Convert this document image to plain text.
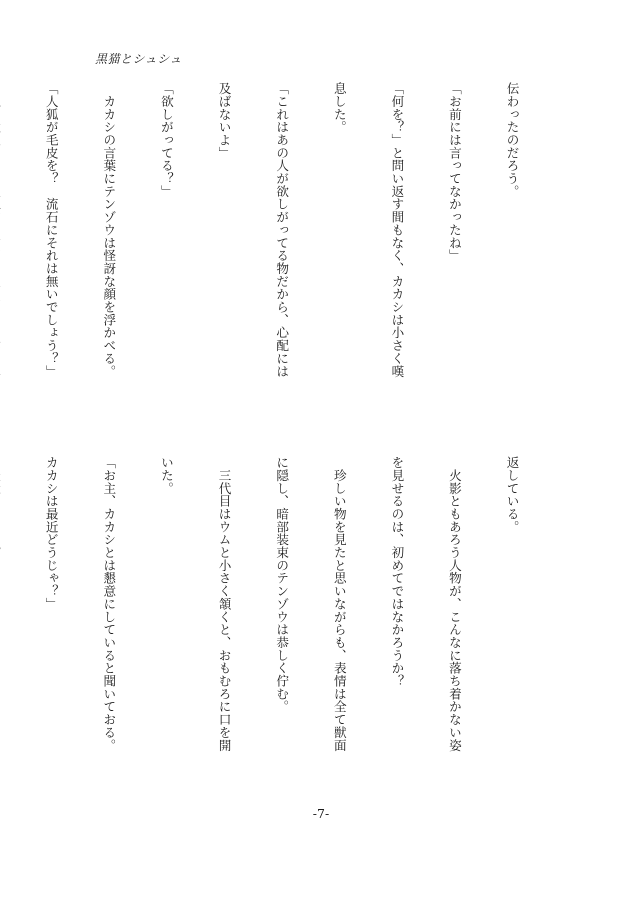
黒猫とシュシュ

伝わったのだろう。

「お前には言ってなかったね」

「何を？」と問い返す間もなく、カカシは小さく嘆

息した。

「これはあの人が欲しがってる物だから、心配には

及ばないよ」

「欲しがってる？」

　カカシの言葉にテンゾウは怪訝な顔を浮かべる。

「人狐が毛皮を？　流石にそれは無いでしょう？」

返している。

　火影ともあろう人物が、こんなに落ち着かない姿

を見せるのは、初めてではなかろうか？

　珍しい物を見たと思いながらも、表情は全て獣面

に隠し、暗部装束のテンゾウは恭しく佇む。

　三代目はウムと小さく頷くと、おもむろに口を開

いた。

「お主、カカシとは懇意にしていると聞いておる。

カカシは最近どうじゃ？」

-7-
